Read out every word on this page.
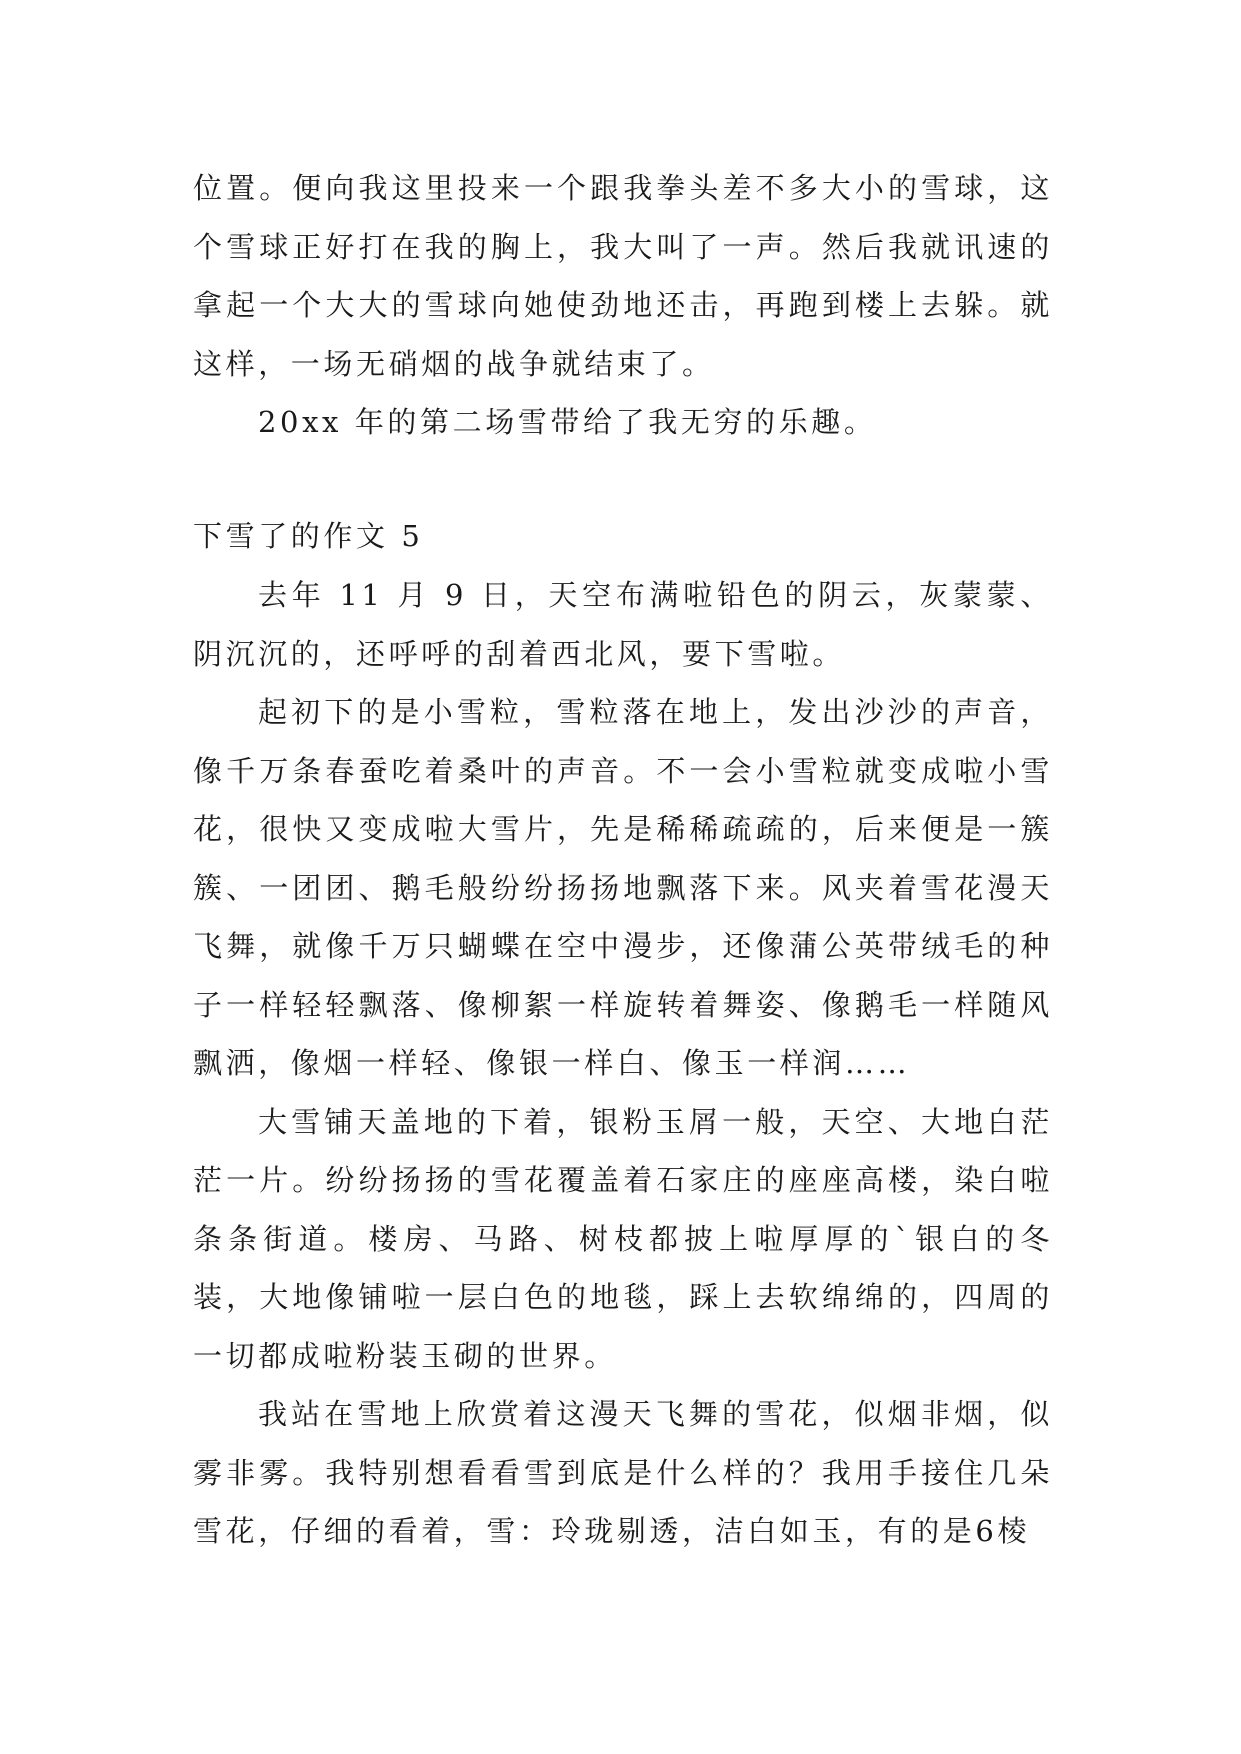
位置。便向我这里投来一个跟我拳头差不多大小的雪球，这个雪球正好打在我的胸上，我大叫了一声。然后我就讯速的拿起一个大大的雪球向她使劲地还击，再跑到楼上去躲。就这样，一场无硝烟的战争就结束了。

20xx 年的第二场雪带给了我无穷的乐趣。

下雪了的作文 5

去年 11 月 9 日，天空布满啦铅色的阴云，灰蒙蒙、阴沉沉的，还呼呼的刮着西北风，要下雪啦。

起初下的是小雪粒，雪粒落在地上，发出沙沙的声音，像千万条春蚕吃着桑叶的声音。不一会小雪粒就变成啦小雪花，很快又变成啦大雪片，先是稀稀疏疏的，后来便是一簇簇、一团团、鹅毛般纷纷扬扬地飘落下来。风夹着雪花漫天飞舞，就像千万只蝴蝶在空中漫步，还像蒲公英带绒毛的种子一样轻轻飘落、像柳絮一样旋转着舞姿、像鹅毛一样随风飘洒，像烟一样轻、像银一样白、像玉一样润……

大雪铺天盖地的下着，银粉玉屑一般，天空、大地白茫茫一片。纷纷扬扬的雪花覆盖着石家庄的座座高楼，染白啦条条街道。楼房、马路、树枝都披上啦厚厚的`银白的冬装，大地像铺啦一层白色的地毯，踩上去软绵绵的，四周的一切都成啦粉装玉砌的世界。

我站在雪地上欣赏着这漫天飞舞的雪花，似烟非烟，似雾非雾。我特别想看看雪到底是什么样的？我用手接住几朵雪花，仔细的看着，雪：玲珑剔透，洁白如玉，有的是6棱
